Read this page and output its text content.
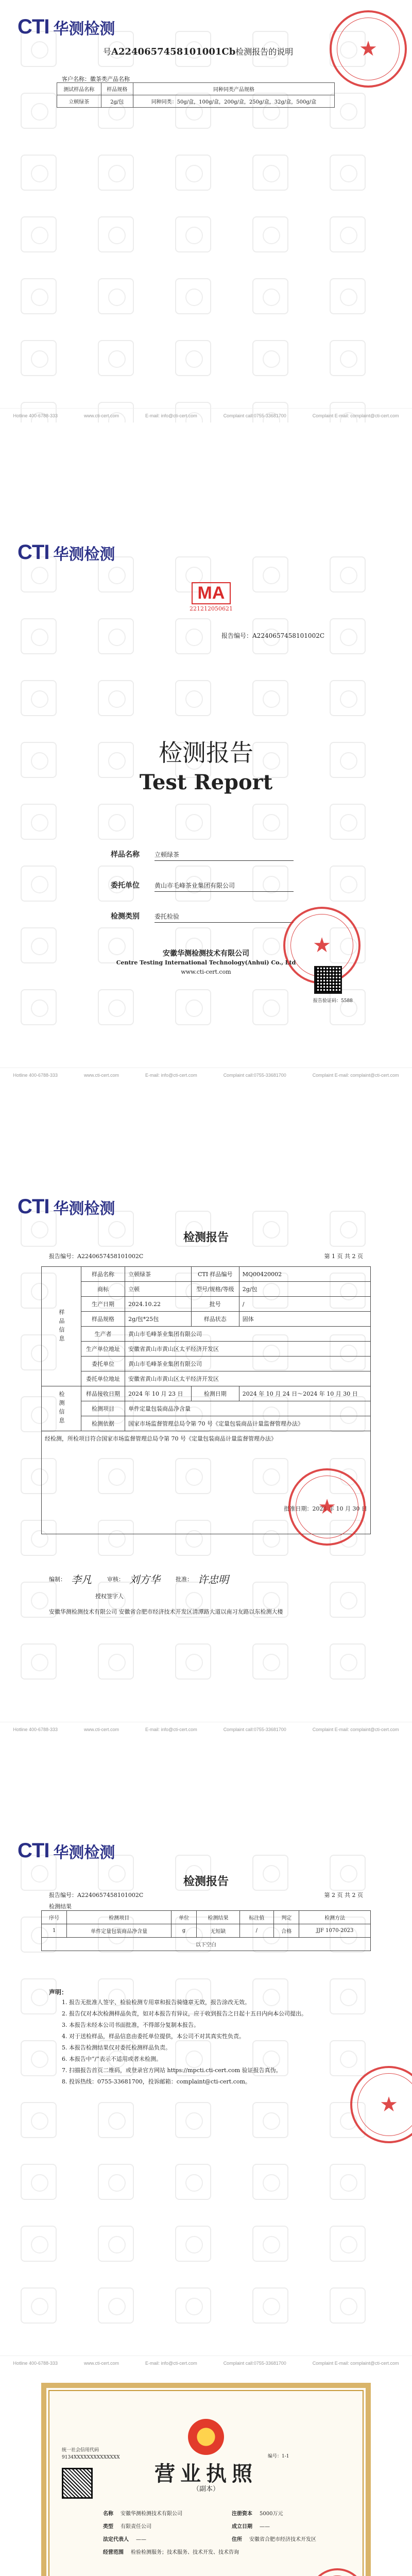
CTI 华测检测
号A2240657458101001Cb检测报告的说明
客户名称：徽茶类产品名称
测试样品名称	样品规格	同种同类产品规格
立顿绿茶	2g/包	同种同类：50g/盒，100g/盒，200g/盒，250g/盒，32g/盒，500g/盒
★
Hotline 400-6788-333	www.cti-cert.com	E-mail: info@cti-cert.com	Complaint call:0755-33681700	Complaint E-mail: complaint@cti-cert.com
CTI 华测检测
MA
221212050621
报告编号：A2240657458101002C
检测报告
Test Report
样品名称 立顿绿茶
委托单位 黄山市毛峰茶业集团有限公司
检测类别 委托检验
★
安徽华测检测技术有限公司
Centre Testing International Technology(Anhui) Co., Ltd
www.cti-cert.com
报告验证码：5588
Hotline 400-6788-333	www.cti-cert.com	E-mail: info@cti-cert.com	Complaint call:0755-33681700	Complaint E-mail: complaint@cti-cert.com
CTI 华测检测
检测报告
报告编号：A2240657458101002C	第 1 页 共 2 页
样品信息	样品名称	立顿绿茶	CTI 样品编号	MQ00420002
	商标	立顿	型号/规格/等级	2g/包
	生产日期	2024.10.22	批号	/
	样品规格	2g/包*25包	样品状态	固体
	生产者	黄山市毛峰茶业集团有限公司		
	生产单位地址	安徽省黄山市黄山区太平经济开发区		
	委托单位	黄山市毛峰茶业集团有限公司		
	委托单位地址	安徽省黄山市黄山区太平经济开发区		
检测信息	样品接收日期	2024 年 10 月 23 日	检测日期	2024 年 10 月 24 日～2024 年 10 月 30 日
	检测项目	单件定量包装商品净含量		
	检测依据	国家市场监督管理总局令第 70 号《定量包装商品计量监督管理办法》		

经检测，所检项目符合国家市场监督管理总局令第 70 号《定量包装商品计量监督管理办法》
批准日期：2024 年 10 月 30 日				
★
编制： 李凡	审核： 刘方华	批准： 许忠明
授权签字人
安徽华测检测技术有限公司 安徽省合肥市经济技术开发区清潭路大道以南习友路以东检测大楼
Hotline 400-6788-333	www.cti-cert.com	E-mail: info@cti-cert.com	Complaint call:0755-33681700	Complaint E-mail: complaint@cti-cert.com
CTI 华测检测
检测报告
报告编号：A2240657458101002C	第 2 页 共 2 页
检测结果
序号	检测项目	单位	检测结果	标注值	判定	检测方法
1	单件定量包装商品净含量	g	无短缺	/	合格	JJF 1070-2023
以下空白						
声明：
1. 报告无批准人签字、检验检测专用章和报告骑缝章无效，报告涂改无效。
2. 报告仅对本次检测样品负责，如对本报告有异议，应于收到报告之日起十五日内向本公司提出。
3. 本报告未经本公司书面批准，不得部分复制本报告。
4. 对于送检样品，样品信息由委托单位提供，本公司不对其真实性负责。
5. 本报告检测结果仅对委托检测样品负责。
6. 本报告中“/”表示不适用或者未检测。
7. 扫描报告首页二维码，或登录官方网站 https://mpcti.cti-cert.com 验证报告真伪。
8. 投诉热线：0755-33681700，投诉邮箱：complaint@cti-cert.com。
★
Hotline 400-6788-333	www.cti-cert.com	E-mail: info@cti-cert.com	Complaint call:0755-33681700	Complaint E-mail: complaint@cti-cert.com
统一社会信用代码
9134XXXXXXXXXXXXXX	编号：1-1
营业执照
（副本）
名称 安徽华测检测技术有限公司
类型 有限责任公司
法定代表人 ——
经营范围 检验检测服务；技术服务、技术开发、技术咨询
注册资本 5000万元
成立日期 ——
住所 安徽省合肥市经济技术开发区
